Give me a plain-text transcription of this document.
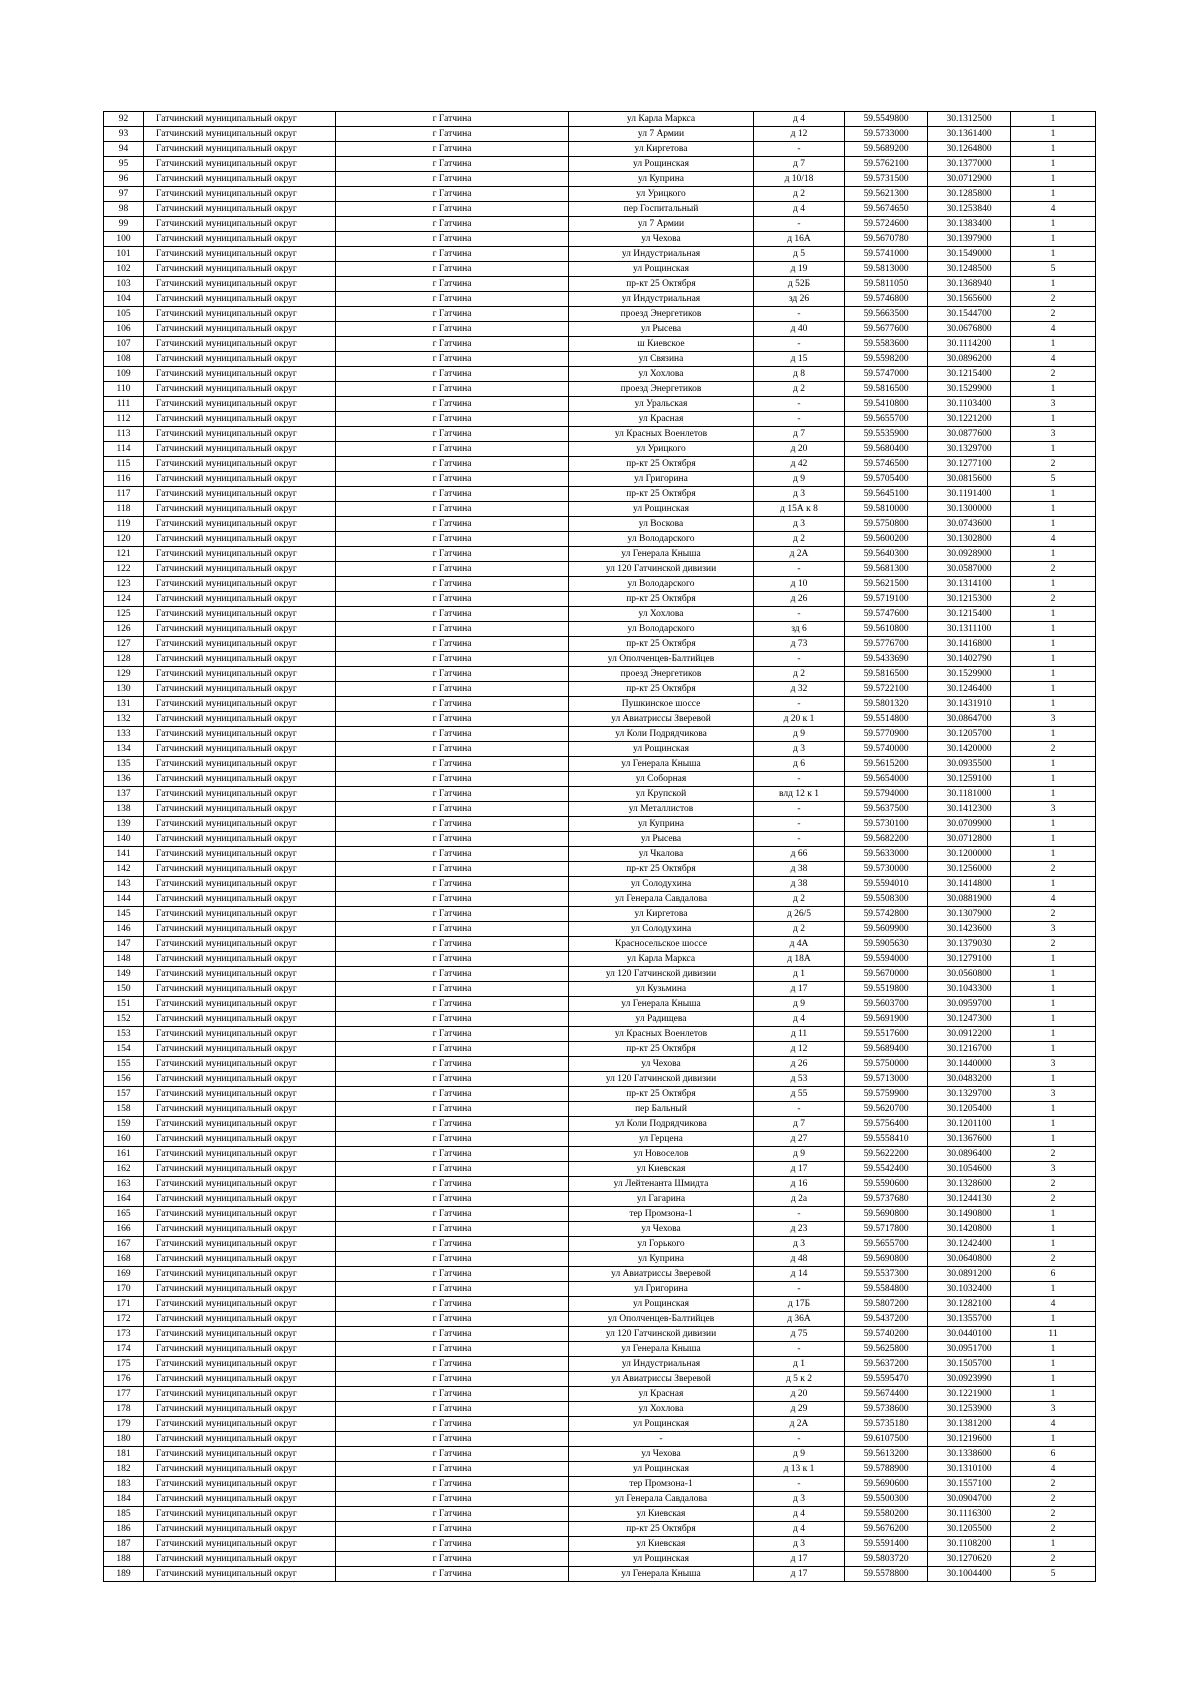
92	Гатчинский муниципальный округ	г Гатчина	ул Карла Маркса	д 4	59.5549800	30.1312500	1
93	Гатчинский муниципальный округ	г Гатчина	ул 7 Армии	д 12	59.5733000	30.1361400	1
94	Гатчинский муниципальный округ	г Гатчина	ул Киргетова	-	59.5689200	30.1264800	1
95	Гатчинский муниципальный округ	г Гатчина	ул Рощинская	д 7	59.5762100	30.1377000	1
96	Гатчинский муниципальный округ	г Гатчина	ул Куприна	д 10/18	59.5731500	30.0712900	1
97	Гатчинский муниципальный округ	г Гатчина	ул Урицкого	д 2	59.5621300	30.1285800	1
98	Гатчинский муниципальный округ	г Гатчина	пер Госпитальный	д 4	59.5674650	30.1253840	4
99	Гатчинский муниципальный округ	г Гатчина	ул 7 Армии	-	59.5724600	30.1383400	1
100	Гатчинский муниципальный округ	г Гатчина	ул Чехова	д 16А	59.5670780	30.1397900	1
101	Гатчинский муниципальный округ	г Гатчина	ул Индустриальная	д 5	59.5741000	30.1549000	1
102	Гатчинский муниципальный округ	г Гатчина	ул Рощинская	д 19	59.5813000	30.1248500	5
103	Гатчинский муниципальный округ	г Гатчина	пр-кт 25 Октября	д 52Б	59.5811050	30.1368940	1
104	Гатчинский муниципальный округ	г Гатчина	ул Индустриальная	зд 26	59.5746800	30.1565600	2
105	Гатчинский муниципальный округ	г Гатчина	проезд Энергетиков	-	59.5663500	30.1544700	2
106	Гатчинский муниципальный округ	г Гатчина	ул Рысева	д 40	59.5677600	30.0676800	4
107	Гатчинский муниципальный округ	г Гатчина	ш Киевское	-	59.5583600	30.1114200	1
108	Гатчинский муниципальный округ	г Гатчина	ул Связина	д 15	59.5598200	30.0896200	4
109	Гатчинский муниципальный округ	г Гатчина	ул Хохлова	д 8	59.5747000	30.1215400	2
110	Гатчинский муниципальный округ	г Гатчина	проезд Энергетиков	д 2	59.5816500	30.1529900	1
111	Гатчинский муниципальный округ	г Гатчина	ул Уральская	-	59.5410800	30.1103400	3
112	Гатчинский муниципальный округ	г Гатчина	ул Красная	-	59.5655700	30.1221200	1
113	Гатчинский муниципальный округ	г Гатчина	ул Красных Военлетов	д 7	59.5535900	30.0877600	3
114	Гатчинский муниципальный округ	г Гатчина	ул Урицкого	д 20	59.5680400	30.1329700	1
115	Гатчинский муниципальный округ	г Гатчина	пр-кт 25 Октября	д 42	59.5746500	30.1277100	2
116	Гатчинский муниципальный округ	г Гатчина	ул Григорина	д 9	59.5705400	30.0815600	5
117	Гатчинский муниципальный округ	г Гатчина	пр-кт 25 Октября	д 3	59.5645100	30.1191400	1
118	Гатчинский муниципальный округ	г Гатчина	ул Рощинская	д 15А к 8	59.5810000	30.1300000	1
119	Гатчинский муниципальный округ	г Гатчина	ул Воскова	д 3	59.5750800	30.0743600	1
120	Гатчинский муниципальный округ	г Гатчина	ул Володарского	д 2	59.5600200	30.1302800	4
121	Гатчинский муниципальный округ	г Гатчина	ул Генерала Кныша	д 2А	59.5640300	30.0928900	1
122	Гатчинский муниципальный округ	г Гатчина	ул 120 Гатчинской дивизии	-	59.5681300	30.0587000	2
123	Гатчинский муниципальный округ	г Гатчина	ул Володарского	д 10	59.5621500	30.1314100	1
124	Гатчинский муниципальный округ	г Гатчина	пр-кт 25 Октября	д 26	59.5719100	30.1215300	2
125	Гатчинский муниципальный округ	г Гатчина	ул Хохлова	-	59.5747600	30.1215400	1
126	Гатчинский муниципальный округ	г Гатчина	ул Володарского	зд 6	59.5610800	30.1311100	1
127	Гатчинский муниципальный округ	г Гатчина	пр-кт 25 Октября	д 73	59.5776700	30.1416800	1
128	Гатчинский муниципальный округ	г Гатчина	ул Ополченцев-Балтийцев	-	59.5433690	30.1402790	1
129	Гатчинский муниципальный округ	г Гатчина	проезд Энергетиков	д 2	59.5816500	30.1529900	1
130	Гатчинский муниципальный округ	г Гатчина	пр-кт 25 Октября	д 32	59.5722100	30.1246400	1
131	Гатчинский муниципальный округ	г Гатчина	Пушкинское шоссе	-	59.5801320	30.1431910	1
132	Гатчинский муниципальный округ	г Гатчина	ул Авиатриссы Зверевой	д 20 к 1	59.5514800	30.0864700	3
133	Гатчинский муниципальный округ	г Гатчина	ул Коли Подрядчикова	д 9	59.5770900	30.1205700	1
134	Гатчинский муниципальный округ	г Гатчина	ул Рощинская	д 3	59.5740000	30.1420000	2
135	Гатчинский муниципальный округ	г Гатчина	ул Генерала Кныша	д 6	59.5615200	30.0935500	1
136	Гатчинский муниципальный округ	г Гатчина	ул Соборная	-	59.5654000	30.1259100	1
137	Гатчинский муниципальный округ	г Гатчина	ул Крупской	влд 12 к 1	59.5794000	30.1181000	1
138	Гатчинский муниципальный округ	г Гатчина	ул Металлистов	-	59.5637500	30.1412300	3
139	Гатчинский муниципальный округ	г Гатчина	ул Куприна	-	59.5730100	30.0709900	1
140	Гатчинский муниципальный округ	г Гатчина	ул Рысева	-	59.5682200	30.0712800	1
141	Гатчинский муниципальный округ	г Гатчина	ул Чкалова	д 66	59.5633000	30.1200000	1
142	Гатчинский муниципальный округ	г Гатчина	пр-кт 25 Октября	д 38	59.5730000	30.1256000	2
143	Гатчинский муниципальный округ	г Гатчина	ул Солодухина	д 38	59.5594010	30.1414800	1
144	Гатчинский муниципальный округ	г Гатчина	ул Генерала Савдалова	д 2	59.5508300	30.0881900	4
145	Гатчинский муниципальный округ	г Гатчина	ул Киргетова	д 26/5	59.5742800	30.1307900	2
146	Гатчинский муниципальный округ	г Гатчина	ул Солодухина	д 2	59.5609900	30.1423600	3
147	Гатчинский муниципальный округ	г Гатчина	Красносельское шоссе	д 4А	59.5905630	30.1379030	2
148	Гатчинский муниципальный округ	г Гатчина	ул Карла Маркса	д 18А	59.5594000	30.1279100	1
149	Гатчинский муниципальный округ	г Гатчина	ул 120 Гатчинской дивизии	д 1	59.5670000	30.0560800	1
150	Гатчинский муниципальный округ	г Гатчина	ул Кузьмина	д 17	59.5519800	30.1043300	1
151	Гатчинский муниципальный округ	г Гатчина	ул Генерала Кныша	д 9	59.5603700	30.0959700	1
152	Гатчинский муниципальный округ	г Гатчина	ул Радищева	д 4	59.5691900	30.1247300	1
153	Гатчинский муниципальный округ	г Гатчина	ул Красных Военлетов	д 11	59.5517600	30.0912200	1
154	Гатчинский муниципальный округ	г Гатчина	пр-кт 25 Октября	д 12	59.5689400	30.1216700	1
155	Гатчинский муниципальный округ	г Гатчина	ул Чехова	д 26	59.5750000	30.1440000	3
156	Гатчинский муниципальный округ	г Гатчина	ул 120 Гатчинской дивизии	д 53	59.5713000	30.0483200	1
157	Гатчинский муниципальный округ	г Гатчина	пр-кт 25 Октября	д 55	59.5759900	30.1329700	3
158	Гатчинский муниципальный округ	г Гатчина	пер Бальный	-	59.5620700	30.1205400	1
159	Гатчинский муниципальный округ	г Гатчина	ул Коли Подрядчикова	д 7	59.5756400	30.1201100	1
160	Гатчинский муниципальный округ	г Гатчина	ул Герцена	д 27	59.5558410	30.1367600	1
161	Гатчинский муниципальный округ	г Гатчина	ул Новоселов	д 9	59.5622200	30.0896400	2
162	Гатчинский муниципальный округ	г Гатчина	ул Киевская	д 17	59.5542400	30.1054600	3
163	Гатчинский муниципальный округ	г Гатчина	ул Лейтенанта Шмидта	д 16	59.5590600	30.1328600	2
164	Гатчинский муниципальный округ	г Гатчина	ул Гагарина	д 2а	59.5737680	30.1244130	2
165	Гатчинский муниципальный округ	г Гатчина	тер Промзона-1	-	59.5690800	30.1490800	1
166	Гатчинский муниципальный округ	г Гатчина	ул Чехова	д 23	59.5717800	30.1420800	1
167	Гатчинский муниципальный округ	г Гатчина	ул Горького	д 3	59.5655700	30.1242400	1
168	Гатчинский муниципальный округ	г Гатчина	ул Куприна	д 48	59.5690800	30.0640800	2
169	Гатчинский муниципальный округ	г Гатчина	ул Авиатриссы Зверевой	д 14	59.5537300	30.0891200	6
170	Гатчинский муниципальный округ	г Гатчина	ул Григорина	-	59.5584800	30.1032400	1
171	Гатчинский муниципальный округ	г Гатчина	ул Рощинская	д 17Б	59.5807200	30.1282100	4
172	Гатчинский муниципальный округ	г Гатчина	ул Ополченцев-Балтийцев	д 36А	59.5437200	30.1355700	1
173	Гатчинский муниципальный округ	г Гатчина	ул 120 Гатчинской дивизии	д 75	59.5740200	30.0440100	11
174	Гатчинский муниципальный округ	г Гатчина	ул Генерала Кныша	-	59.5625800	30.0951700	1
175	Гатчинский муниципальный округ	г Гатчина	ул Индустриальная	д 1	59.5637200	30.1505700	1
176	Гатчинский муниципальный округ	г Гатчина	ул Авиатриссы Зверевой	д 5 к 2	59.5595470	30.0923990	1
177	Гатчинский муниципальный округ	г Гатчина	ул Красная	д 20	59.5674400	30.1221900	1
178	Гатчинский муниципальный округ	г Гатчина	ул Хохлова	д 29	59.5738600	30.1253900	3
179	Гатчинский муниципальный округ	г Гатчина	ул Рощинская	д 2А	59.5735180	30.1381200	4
180	Гатчинский муниципальный округ	г Гатчина	-	-	59.6107500	30.1219600	1
181	Гатчинский муниципальный округ	г Гатчина	ул Чехова	д 9	59.5613200	30.1338600	6
182	Гатчинский муниципальный округ	г Гатчина	ул Рощинская	д 13 к 1	59.5788900	30.1310100	4
183	Гатчинский муниципальный округ	г Гатчина	тер Промзона-1	-	59.5690600	30.1557100	2
184	Гатчинский муниципальный округ	г Гатчина	ул Генерала Савдалова	д 3	59.5500300	30.0904700	2
185	Гатчинский муниципальный округ	г Гатчина	ул Киевская	д 4	59.5580200	30.1116300	2
186	Гатчинский муниципальный округ	г Гатчина	пр-кт 25 Октября	д 4	59.5676200	30.1205500	2
187	Гатчинский муниципальный округ	г Гатчина	ул Киевская	д 3	59.5591400	30.1108200	1
188	Гатчинский муниципальный округ	г Гатчина	ул Рощинская	д 17	59.5803720	30.1270620	2
189	Гатчинский муниципальный округ	г Гатчина	ул Генерала Кныша	д 17	59.5578800	30.1004400	5
